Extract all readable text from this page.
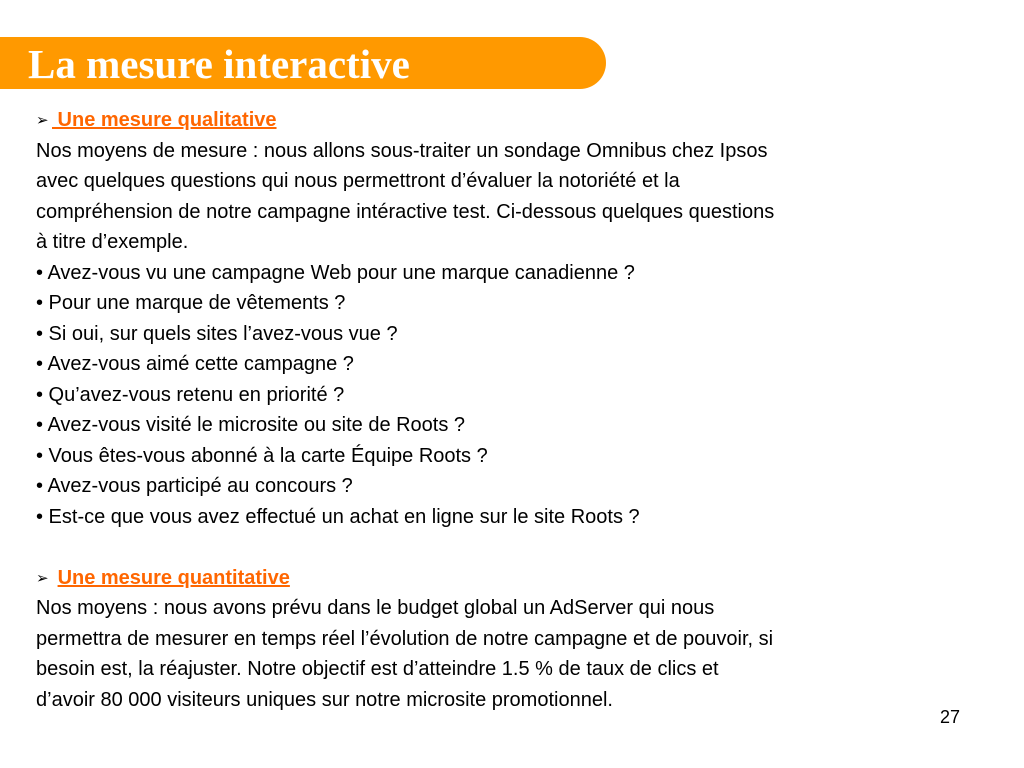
La mesure interactive
➢ Une mesure qualitative
Nos moyens de mesure : nous allons sous-traiter un sondage Omnibus chez Ipsos
avec quelques questions qui nous permettront d’évaluer la notoriété et la
compréhension de notre campagne intéractive test. Ci-dessous quelques questions
à titre d’exemple.
• Avez-vous vu une campagne Web pour une marque canadienne ?
• Pour une marque de vêtements ?
• Si oui, sur quels sites l’avez-vous vue ?
• Avez-vous aimé cette campagne ?
• Qu’avez-vous retenu en priorité ?
• Avez-vous visité le microsite ou site de Roots ?
• Vous êtes-vous abonné à la carte Équipe Roots ?
• Avez-vous participé au concours ?
• Est-ce que vous avez effectué un achat en ligne sur le site Roots ?
➢ Une mesure quantitative
Nos moyens : nous avons prévu dans le budget global un AdServer qui nous
permettra de mesurer en temps réel l’évolution de notre campagne et de pouvoir, si
besoin est, la réajuster. Notre objectif est d’atteindre 1.5 % de taux de clics et
d’avoir 80 000 visiteurs uniques sur notre microsite promotionnel.
27
